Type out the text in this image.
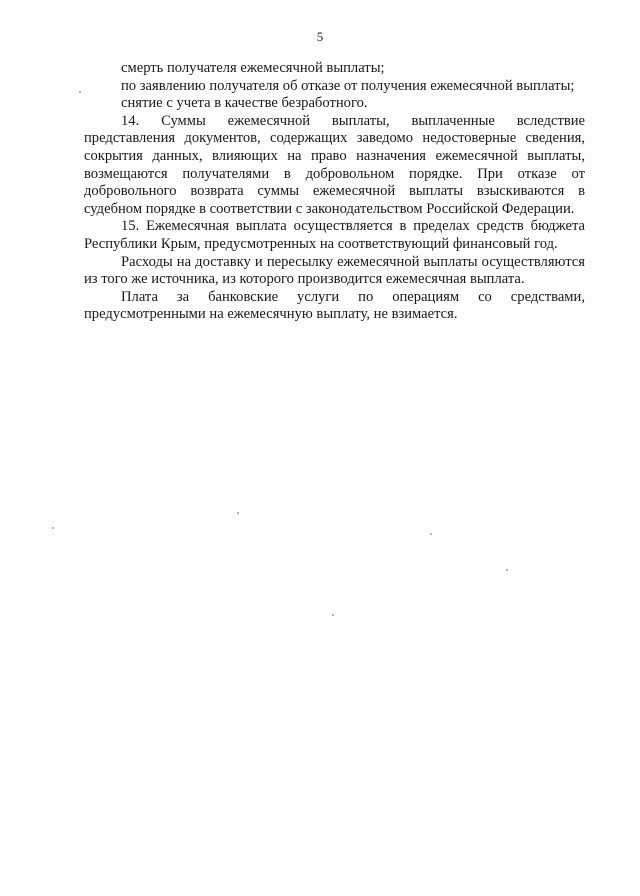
5

смерть получателя ежемесячной выплаты;

по заявлению получателя об отказе от получения ежемесячной выплаты;

снятие с учета в качестве безработного.

14. Суммы ежемесячной выплаты, выплаченные вследствие представления документов, содержащих заведомо недостоверные сведения, сокрытия данных, влияющих на право назначения ежемесячной выплаты, возмещаются получателями в добровольном порядке. При отказе от добровольного возврата суммы ежемесячной выплаты взыскиваются в судебном порядке в соответствии с законодательством Российской Федерации.

15. Ежемесячная выплата осуществляется в пределах средств бюджета Республики Крым, предусмотренных на соответствующий финансовый год.

Расходы на доставку и пересылку ежемесячной выплаты осуществляются из того же источника, из которого производится ежемесячная выплата.

Плата за банковские услуги по операциям со средствами, предусмотренными на ежемесячную выплату, не взимается.
